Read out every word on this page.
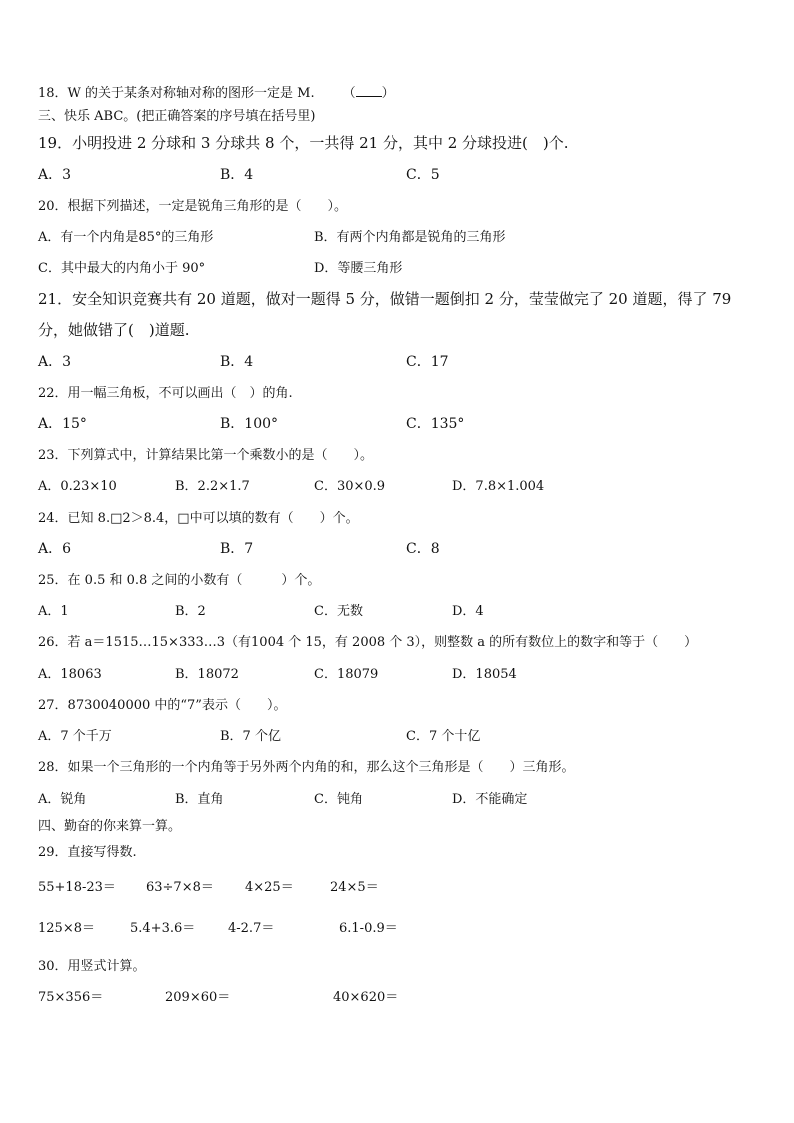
18．W 的关于某条对称轴对称的图形一定是 M. （ ）
三、快乐 ABC。(把正确答案的序号填在括号里)
19．小明投进 2 分球和 3 分球共 8 个，一共得 21 分，其中 2 分球投进(　)个.
A．3	B．4	C．5
20．根据下列描述，一定是锐角三角形的是（　　）。
A．有一个内角是85°的三角形	B．有两个内角都是锐角的三角形
C．其中最大的内角小于 90°	D．等腰三角形
21．安全知识竞赛共有 20 道题，做对一题得 5 分，做错一题倒扣 2 分，莹莹做完了 20 道题，得了 79
分，她做错了(　)道题.
A．3	B．4	C．17
22．用一幅三角板，不可以画出（　）的角.
A．15°	B．100°	C．135°
23．下列算式中，计算结果比第一个乘数小的是（　　）。
A．0.23×10	B．2.2×1.7	C．30×0.9	D．7.8×1.004
24．已知 8.□2＞8.4，□中可以填的数有（　　）个。
A．6	B．7	C．8
25．在 0.5 和 0.8 之间的小数有（　　　）个。
A．1	B．2	C．无数	D．4
26．若 a＝1515…15×333…3（有1004 个 15，有 2008 个 3），则整数 a 的所有数位上的数字和等于（　　）
A．18063	B．18072	C．18079	D．18054
27．8730040000 中的“7”表示（　　）。
A．7 个千万	B．7 个亿	C．7 个十亿
28．如果一个三角形的一个内角等于另外两个内角的和，那么这个三角形是（　　）三角形。
A．锐角	B．直角	C．钝角	D．不能确定
四、勤奋的你来算一算。
29．直接写得数.
55+18-23＝ 63÷7×8＝ 4×25＝	24×5＝
125×8＝	5.4+3.6＝	4-2.7＝	6.1-0.9＝
30．用竖式计算。
75×356＝	209×60＝	40×620＝
